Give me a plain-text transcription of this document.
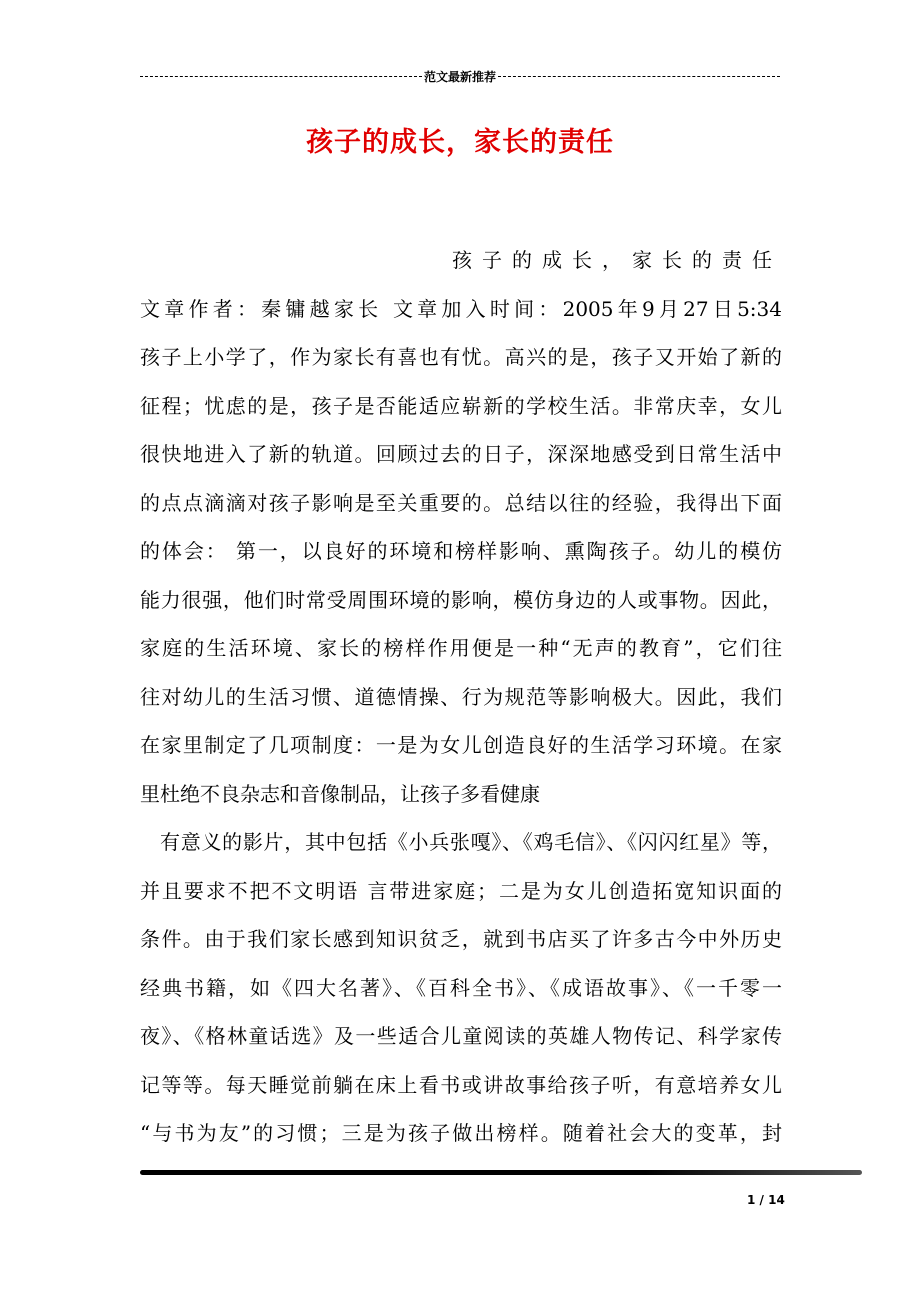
范文最新推荐
孩子的成长，家长的责任
孩子的成长，家长的责任
文章作者：秦镛越家长 文章加入时间：2005年9月27日5:34
孩子上小学了，作为家长有喜也有忧。高兴的是，孩子又开始了新的
征程；忧虑的是，孩子是否能适应崭新的学校生活。非常庆幸，女儿
很快地进入了新的轨道。回顾过去的日子，深深地感受到日常生活中
的点点滴滴对孩子影响是至关重要的。总结以往的经验，我得出下面
的体会： 第一，以良好的环境和榜样影响、熏陶孩子。幼儿的模仿
能力很强，他们时常受周围环境的影响，模仿身边的人或事物。因此，
家庭的生活环境、家长的榜样作用便是一种“无声的教育”，它们往
往对幼儿的生活习惯、道德情操、行为规范等影响极大。因此，我们
在家里制定了几项制度：一是为女儿创造良好的生活学习环境。在家
里杜绝不良杂志和音像制品，让孩子多看健康
有意义的影片，其中包括《小兵张嘎》、《鸡毛信》、《闪闪红星》等，
并且要求不把不文明语 言带进家庭；二是为女儿创造拓宽知识面的
条件。由于我们家长感到知识贫乏，就到书店买了许多古今中外历史
经典书籍，如《四大名著》、《百科全书》、《成语故事》、《一千零一
夜》、《格林童话选》及一些适合儿童阅读的英雄人物传记、科学家传
记等等。每天睡觉前躺在床上看书或讲故事给孩子听，有意培养女儿
“与书为友”的习惯；三是为孩子做出榜样。随着社会大的变革，封
1 / 14
